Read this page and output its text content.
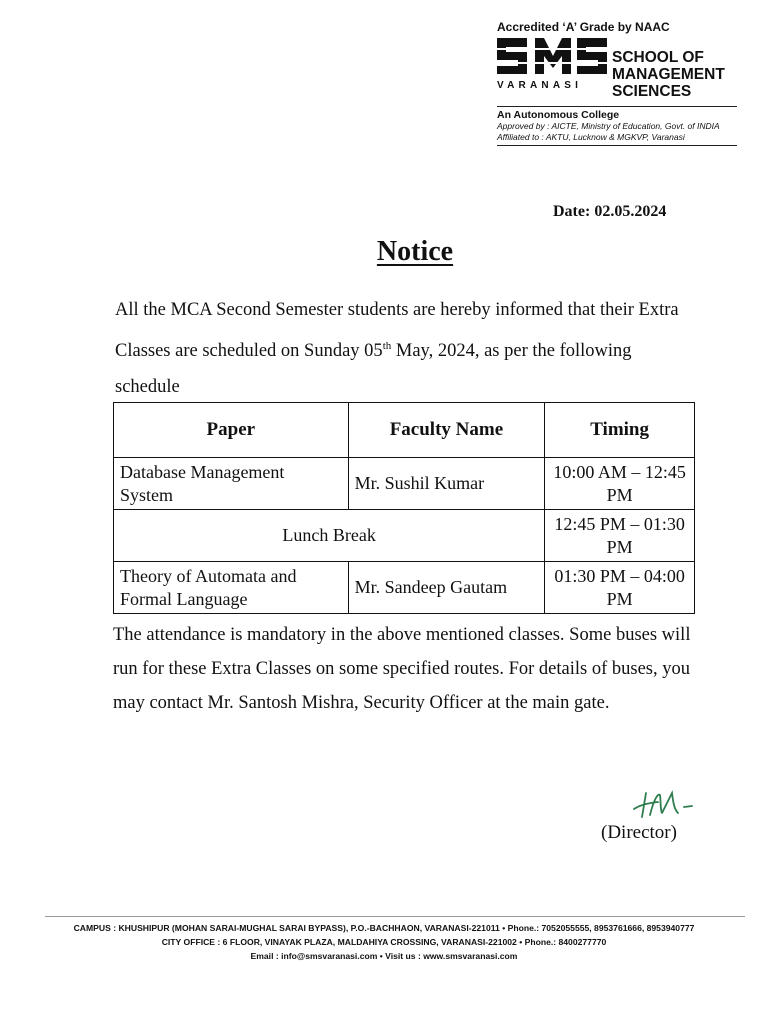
Accredited ‘A’ Grade by NAAC
VARANASI
SCHOOL OF
MANAGEMENT
SCIENCES
An Autonomous College
Approved by : AICTE, Ministry of Education, Govt. of INDIA
Affiliated to : AKTU, Lucknow & MGKVP, Varanasi
Date: 02.05.2024
Notice
All the MCA Second Semester students are hereby informed that their Extra Classes are scheduled on Sunday 05th May, 2024, as per the following schedule
Paper	Faculty Name	Timing
Database Management System	Mr. Sushil Kumar	10:00 AM – 12:45 PM
Lunch Break		12:45 PM – 01:30 PM
Theory of Automata and Formal Language	Mr. Sandeep Gautam	01:30 PM – 04:00 PM
The attendance is mandatory in the above mentioned classes. Some buses will run for these Extra Classes on some specified routes. For details of buses, you may contact Mr. Santosh Mishra, Security Officer at the main gate.
(Director)
CAMPUS : KHUSHIPUR (MOHAN SARAI-MUGHAL SARAI BYPASS), P.O.-BACHHAON, VARANASI-221011 • Phone.: 7052055555, 8953761666, 8953940777
CITY OFFICE : 6 FLOOR, VINAYAK PLAZA, MALDAHIYA CROSSING, VARANASI-221002 • Phone.: 8400277770
Email : info@smsvaranasi.com • Visit us : www.smsvaranasi.com
